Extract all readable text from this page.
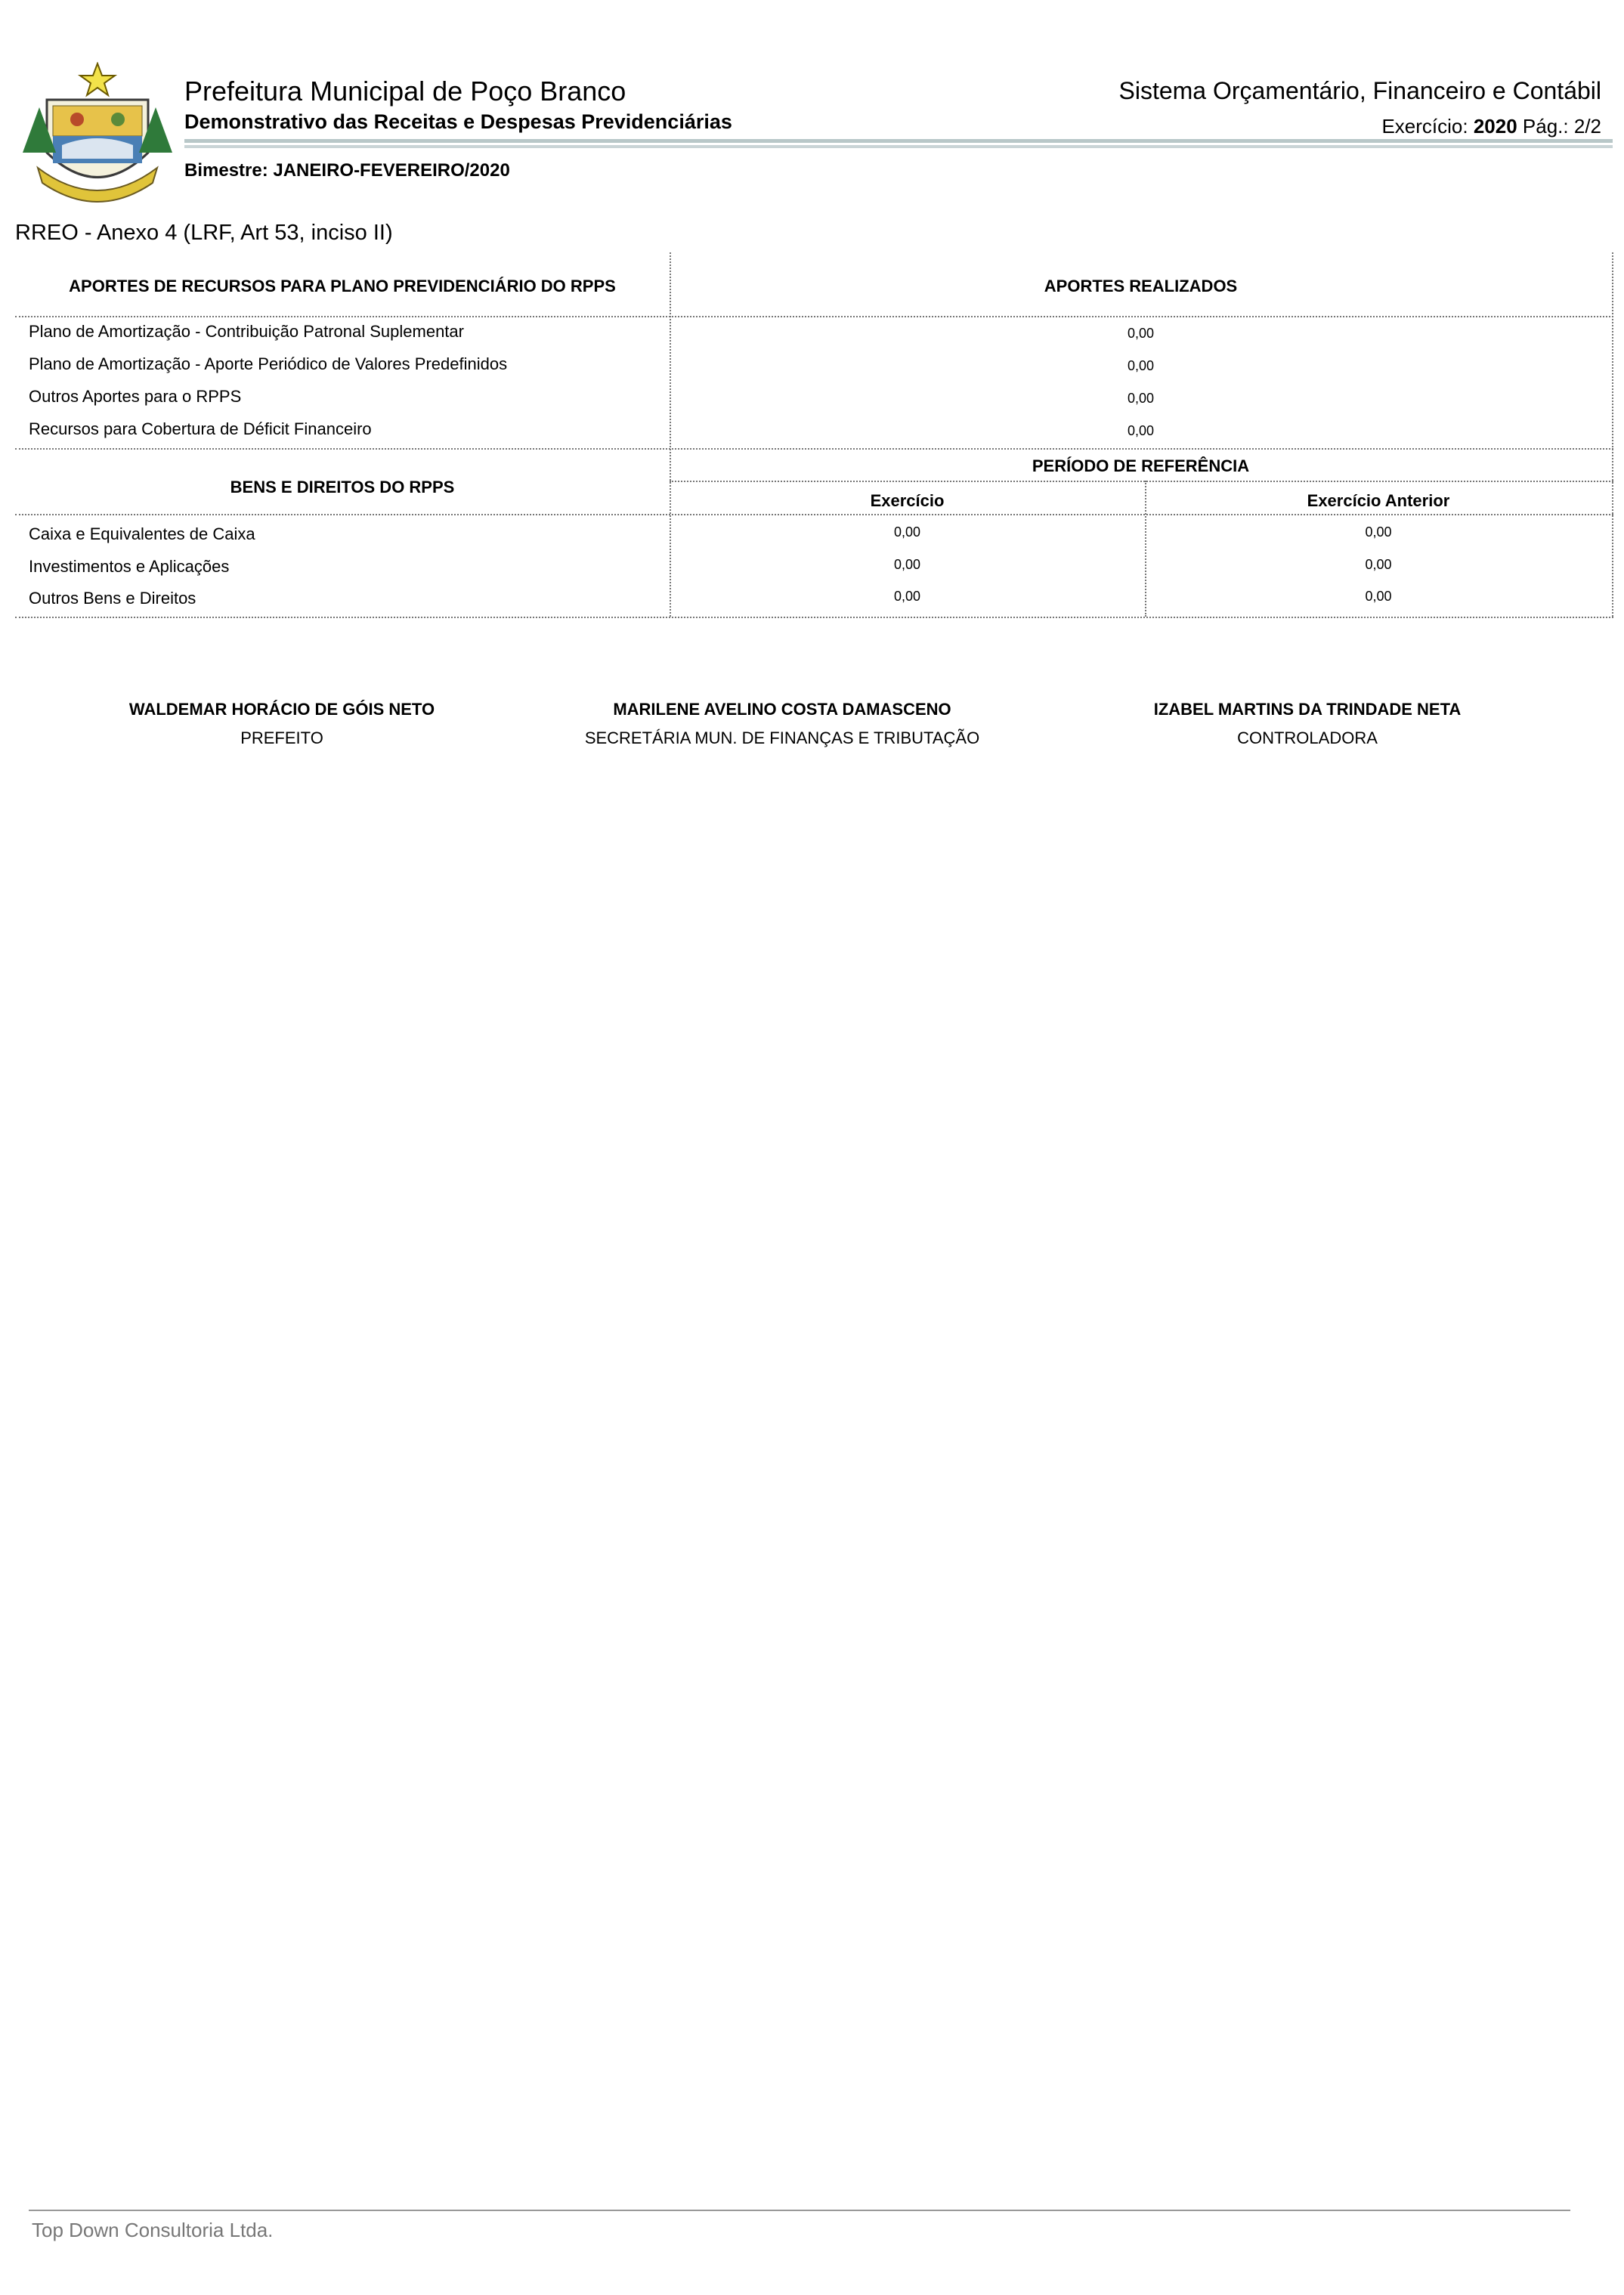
Prefeitura Municipal de Poço Branco
Demonstrativo das Receitas e Despesas Previdenciárias
Bimestre: JANEIRO-FEVEREIRO/2020
Sistema Orçamentário, Financeiro e Contábil
Exercício: 2020 Pág.: 2/2
RREO - Anexo 4 (LRF, Art 53, inciso II)
APORTES DE RECURSOS PARA PLANO PREVIDENCIÁRIO DO RPPS	APORTES REALIZADOS
Plano de Amortização - Contribuição Patronal Suplementar	0,00
Plano de Amortização - Aporte Periódico de Valores Predefinidos	0,00
Outros Aportes para o RPPS	0,00
Recursos para Cobertura de Déficit Financeiro	0,00
BENS E DIREITOS DO RPPS
PERÍODO DE REFERÊNCIA
Exercício	Exercício Anterior
Caixa e Equivalentes de Caixa	0,00	0,00
Investimentos e Aplicações	0,00	0,00
Outros Bens e Direitos	0,00	0,00
WALDEMAR HORÁCIO DE GÓIS NETO
PREFEITO
MARILENE AVELINO COSTA DAMASCENO
SECRETÁRIA MUN. DE FINANÇAS E TRIBUTAÇÃO
IZABEL MARTINS DA TRINDADE NETA
CONTROLADORA
Top Down Consultoria Ltda.
